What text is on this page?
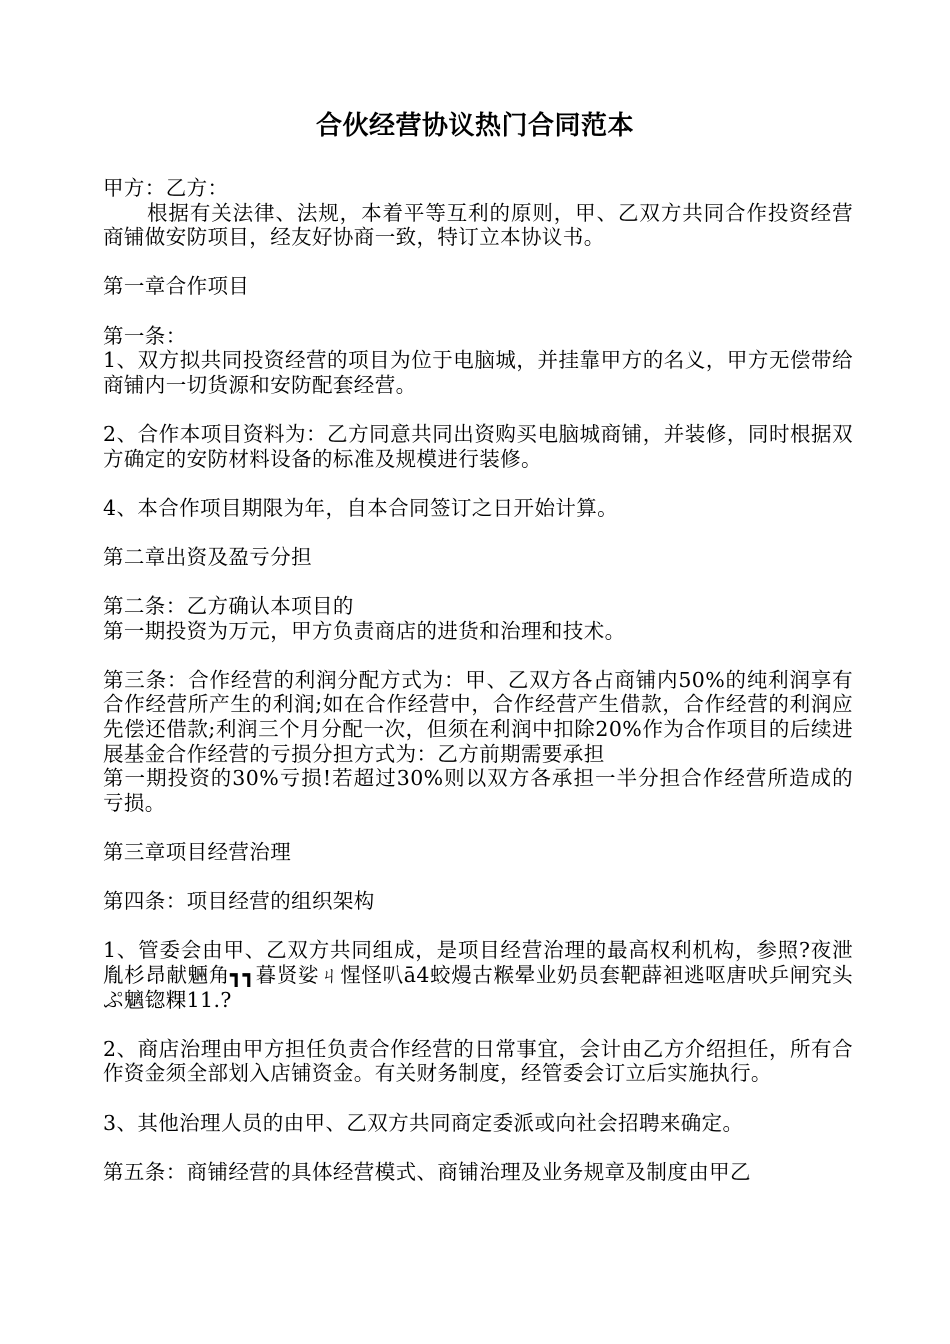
合伙经营协议热门合同范本

甲方：乙方：

根据有关法律、法规，本着平等互利的原则，甲、乙双方共同合作投资经营商铺做安防项目，经友好协商一致，特订立本协议书。

第一章合作项目

第一条：

1、双方拟共同投资经营的项目为位于电脑城，并挂靠甲方的名义，甲方无偿带给商铺内一切货源和安防配套经营。

2、合作本项目资料为：乙方同意共同出资购买电脑城商铺，并装修，同时根据双方确定的安防材料设备的标准及规模进行装修。

4、本合作项目期限为年，自本合同签订之日开始计算。

第二章出资及盈亏分担

第二条：乙方确认本项目的

第一期投资为万元，甲方负责商店的进货和治理和技术。

第三条：合作经营的利润分配方式为：甲、乙双方各占商铺内50%的纯利润享有合作经营所产生的利润;如在合作经营中，合作经营产生借款，合作经营的利润应先偿还借款;利润三个月分配一次，但须在利润中扣除20%作为合作项目的后续进展基金合作经营的亏损分担方式为：乙方前期需要承担

第一期投资的30%亏损!若超过30%则以双方各承担一半分担合作经营所造成的亏损。

第三章项目经营治理

第四条：项目经营的组织架构

1、管委会由甲、乙双方共同组成，是项目经营治理的最高权利机构，参照?夜泄胤杉昂献魎角┓┓暮贤娑ㄐ惺怪叭ā4蛟熳古糇晕业奶员套靶薜袒逃呕唐吠乒闸究头ぷ魑锪粿11.?

2、商店治理由甲方担任负责合作经营的日常事宜，会计由乙方介绍担任，所有合作资金须全部划入店铺资金。有关财务制度，经管委会订立后实施执行。

3、其他治理人员的由甲、乙双方共同商定委派或向社会招聘来确定。

第五条：商铺经营的具体经营模式、商铺治理及业务规章及制度由甲乙
